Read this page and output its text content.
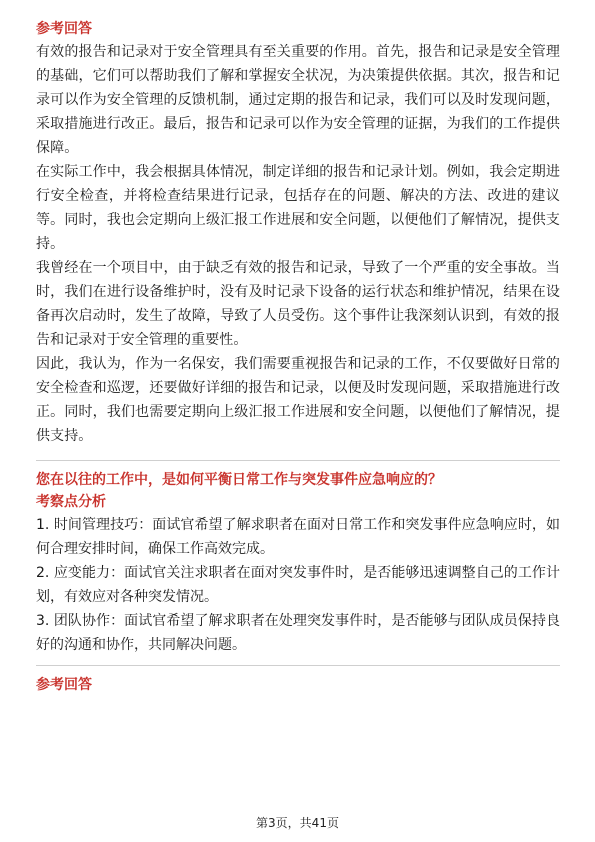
参考回答

有效的报告和记录对于安全管理具有至关重要的作用。首先，报告和记录是安全管理的基础，它们可以帮助我们了解和掌握安全状况，为决策提供依据。其次，报告和记录可以作为安全管理的反馈机制，通过定期的报告和记录，我们可以及时发现问题，采取措施进行改正。最后，报告和记录可以作为安全管理的证据，为我们的工作提供保障。

在实际工作中，我会根据具体情况，制定详细的报告和记录计划。例如，我会定期进行安全检查，并将检查结果进行记录，包括存在的问题、解决的方法、改进的建议等。同时，我也会定期向上级汇报工作进展和安全问题，以便他们了解情况，提供支持。

我曾经在一个项目中，由于缺乏有效的报告和记录，导致了一个严重的安全事故。当时，我们在进行设备维护时，没有及时记录下设备的运行状态和维护情况，结果在设备再次启动时，发生了故障，导致了人员受伤。这个事件让我深刻认识到，有效的报告和记录对于安全管理的重要性。

因此，我认为，作为一名保安，我们需要重视报告和记录的工作，不仅要做好日常的安全检查和巡逻，还要做好详细的报告和记录，以便及时发现问题，采取措施进行改正。同时，我们也需要定期向上级汇报工作进展和安全问题，以便他们了解情况，提供支持。

您在以往的工作中，是如何平衡日常工作与突发事件应急响应的？

考察点分析

1. 时间管理技巧：面试官希望了解求职者在面对日常工作和突发事件应急响应时，如何合理安排时间，确保工作高效完成。

2. 应变能力：面试官关注求职者在面对突发事件时，是否能够迅速调整自己的工作计划，有效应对各种突发情况。

3. 团队协作：面试官希望了解求职者在处理突发事件时，是否能够与团队成员保持良好的沟通和协作，共同解决问题。

参考回答

第3页，共41页
